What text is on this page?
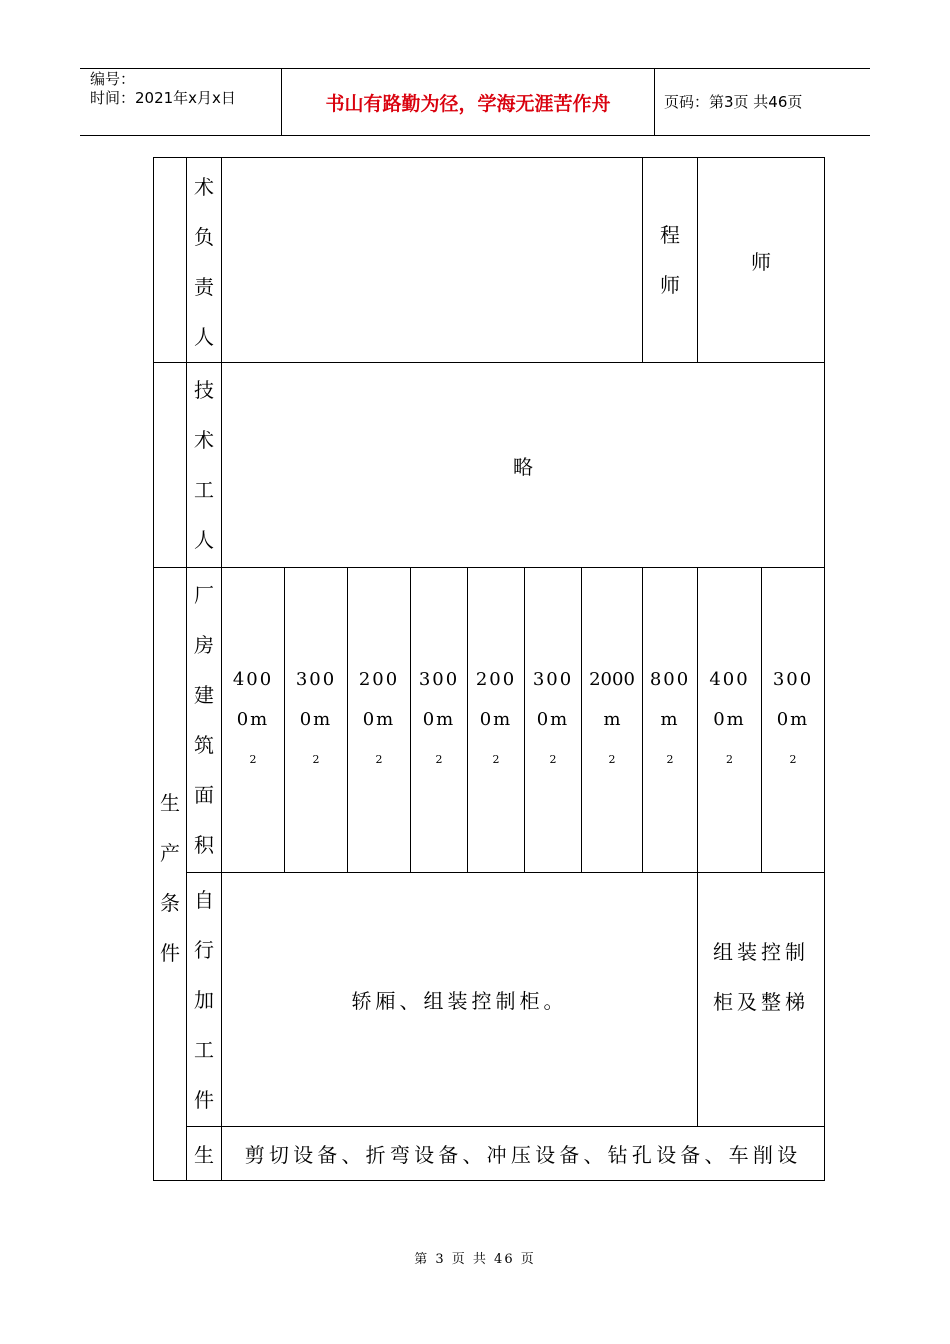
编号：
时间：2021年x月x日	书山有路勤为径，学海无涯苦作舟	页码：第3页 共46页

	术负责人								程师	师	

	技术工人	略									

生产条件	厂房建筑面积	400
0m
2	300
0m
2	200
0m
2	300
0m
2	200
0m
2	300
0m
2	2000
m
2	800
m
2	400
0m
2	300
0m
2

	自行加工件	轿厢、组装控制柜。								组装控制
柜及整梯	

	生	剪切设备、折弯设备、冲压设备、钻孔设备、车削设									
第 3 页 共 46 页
